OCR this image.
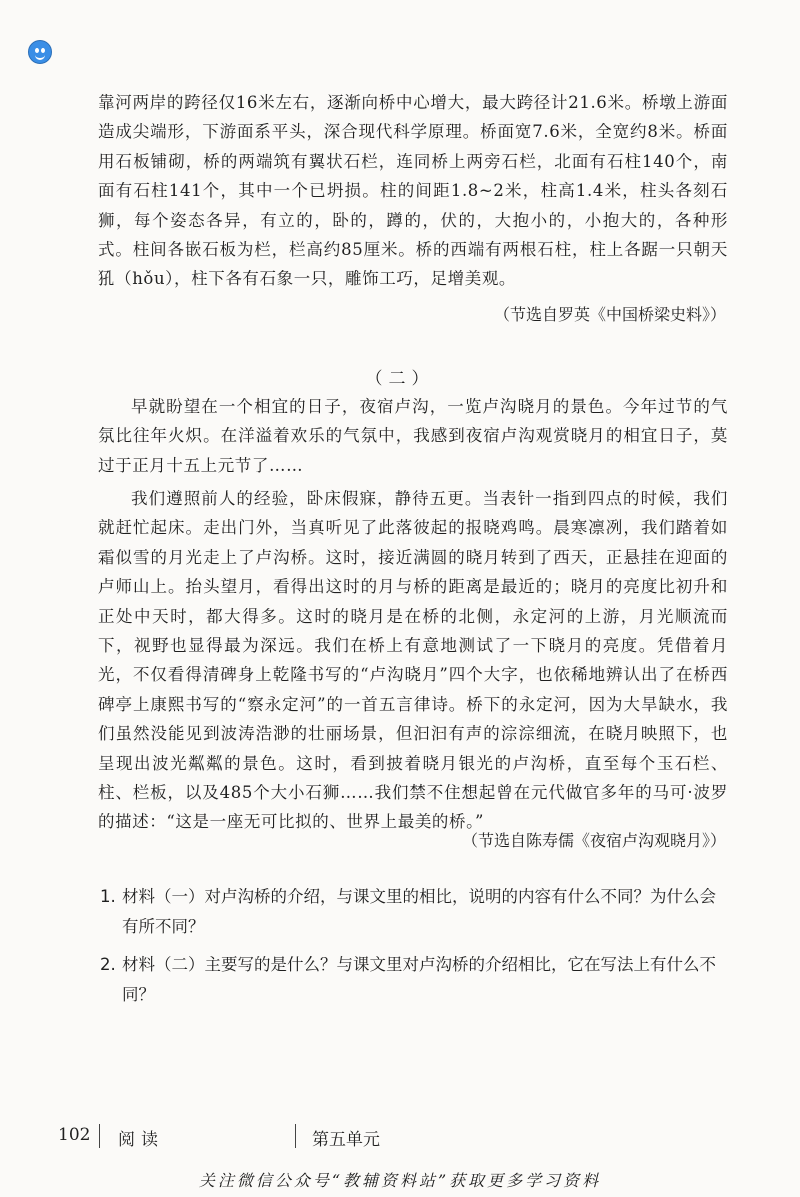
靠河两岸的跨径仅16米左右，逐渐向桥中心增大，最大跨径计21.6米。桥墩上游面造成尖端形，下游面系平头，深合现代科学原理。桥面宽7.6米，全宽约8米。桥面用石板铺砌，桥的两端筑有翼状石栏，连同桥上两旁石栏，北面有石柱140个，南面有石柱141个，其中一个已坍损。柱的间距1.8~2米，柱高1.4米，柱头各刻石狮，每个姿态各异，有立的，卧的，蹲的，伏的，大抱小的，小抱大的，各种形式。柱间各嵌石板为栏，栏高约85厘米。桥的西端有两根石柱，柱上各踞一只朝天犼（hǒu），柱下各有石象一只，雕饰工巧，足增美观。

（节选自罗英《中国桥梁史料》）

（二）

早就盼望在一个相宜的日子，夜宿卢沟，一览卢沟晓月的景色。今年过节的气氛比往年火炽。在洋溢着欢乐的气氛中，我感到夜宿卢沟观赏晓月的相宜日子，莫过于正月十五上元节了……

我们遵照前人的经验，卧床假寐，静待五更。当表针一指到四点的时候，我们就赶忙起床。走出门外，当真听见了此落彼起的报晓鸡鸣。晨寒凛冽，我们踏着如霜似雪的月光走上了卢沟桥。这时，接近满圆的晓月转到了西天，正悬挂在迎面的卢师山上。抬头望月，看得出这时的月与桥的距离是最近的；晓月的亮度比初升和正处中天时，都大得多。这时的晓月是在桥的北侧，永定河的上游，月光顺流而下，视野也显得最为深远。我们在桥上有意地测试了一下晓月的亮度。凭借着月光，不仅看得清碑身上乾隆书写的“卢沟晓月”四个大字，也依稀地辨认出了在桥西碑亭上康熙书写的“察永定河”的一首五言律诗。桥下的永定河，因为大旱缺水，我们虽然没能见到波涛浩渺的壮丽场景，但汩汩有声的淙淙细流，在晓月映照下，也呈现出波光粼粼的景色。这时，看到披着晓月银光的卢沟桥，直至每个玉石栏、柱、栏板，以及485个大小石狮……我们禁不住想起曾在元代做官多年的马可·波罗的描述：“这是一座无可比拟的、世界上最美的桥。”

（节选自陈寿儒《夜宿卢沟观晓月》）

1. 材料（一）对卢沟桥的介绍，与课文里的相比，说明的内容有什么不同？为什么会有所不同？
2. 材料（二）主要写的是什么？与课文里对卢沟桥的介绍相比，它在写法上有什么不同？
102 阅读	第五单元

关注微信公众号“教辅资料站”获取更多学习资料
